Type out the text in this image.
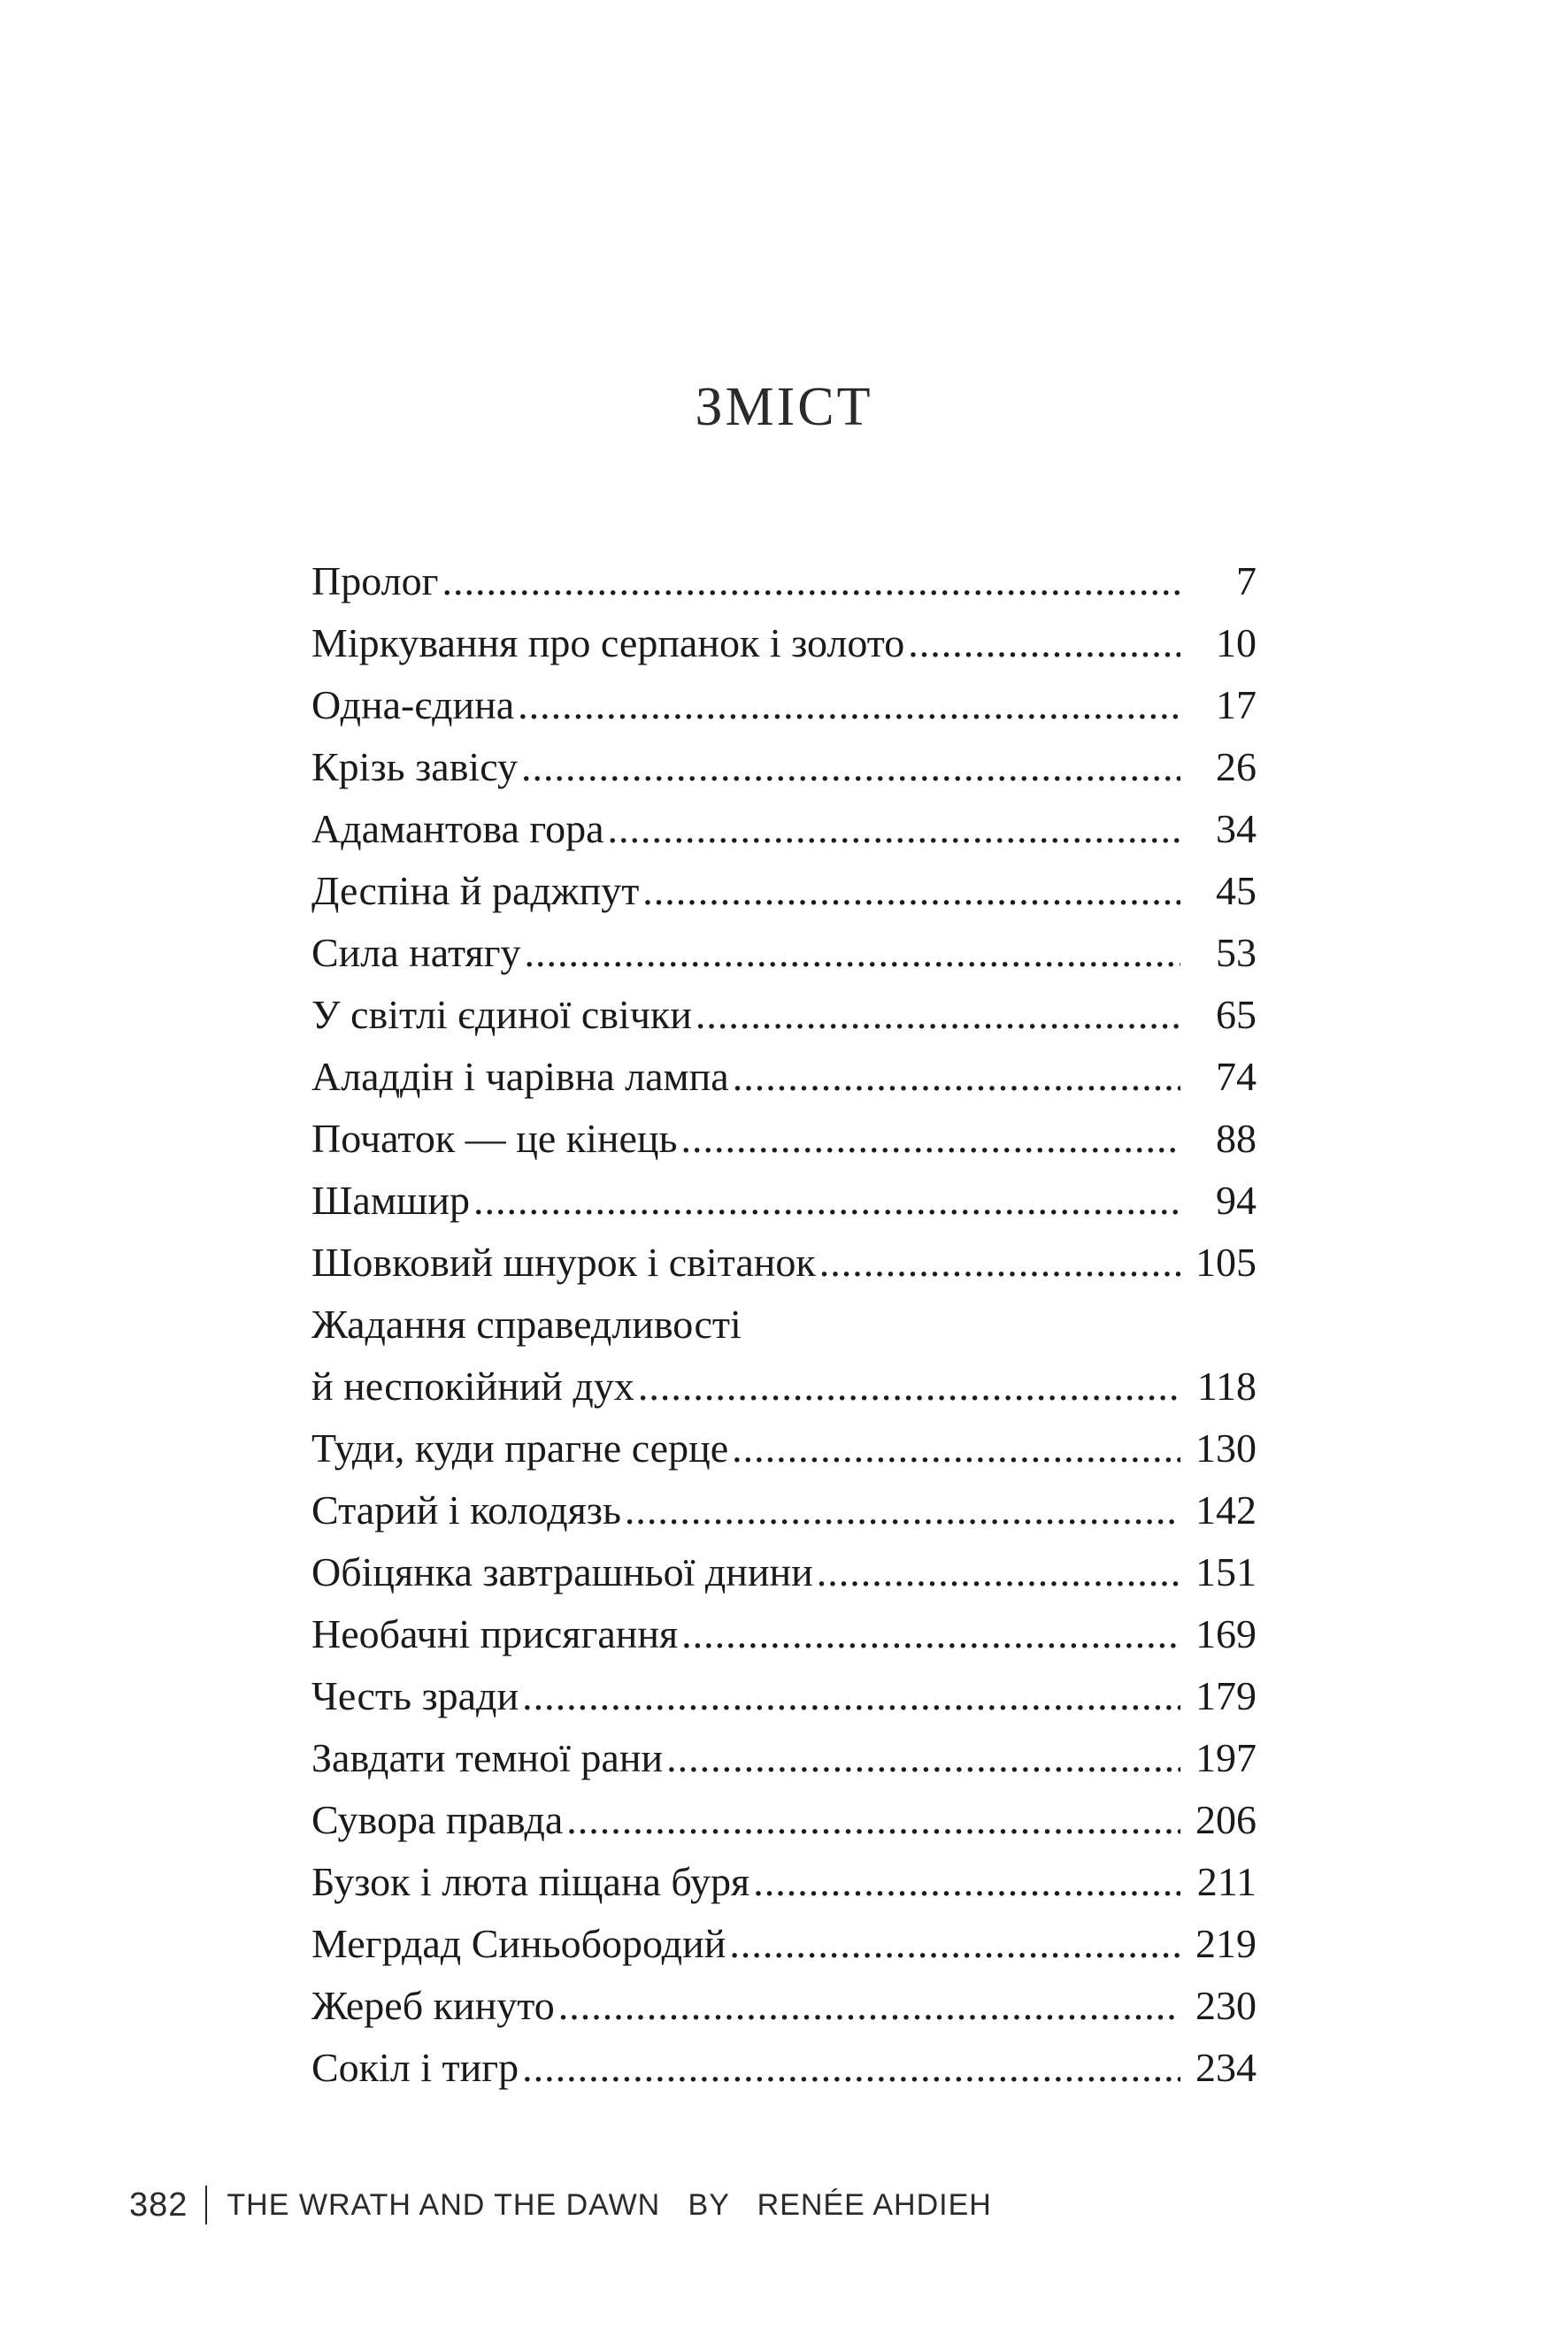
ЗМІСТ
Пролог .....	7
Міркування про серпанок і золото .....	10
Одна-єдина .....	17
Крізь завісу .....	26
Адамантова гора .....	34
Деспіна й раджпут .....	45
Сила натягу .....	53
У світлі єдиної свічки .....	65
Аладдін і чарівна лампа .....	74
Початок — це кінець .....	88
Шамшир .....	94
Шовковий шнурок і світанок .....	105
Жадання справедливості
й неспокійний дух .....	118
Туди, куди прагне серце .....	130
Старий і колодязь .....	142
Обіцянка завтрашньої днини .....	151
Необачні присягання .....	169
Честь зради .....	179
Завдати темної рани .....	197
Сувора правда .....	206
Бузок і люта піщана буря .....	211
Мегрдад Синьобородий .....	219
Жереб кинуто .....	230
Сокіл і тигр .....	234
382 THE WRATH AND THE DAWN   BY   RENÉE AHDIEH
